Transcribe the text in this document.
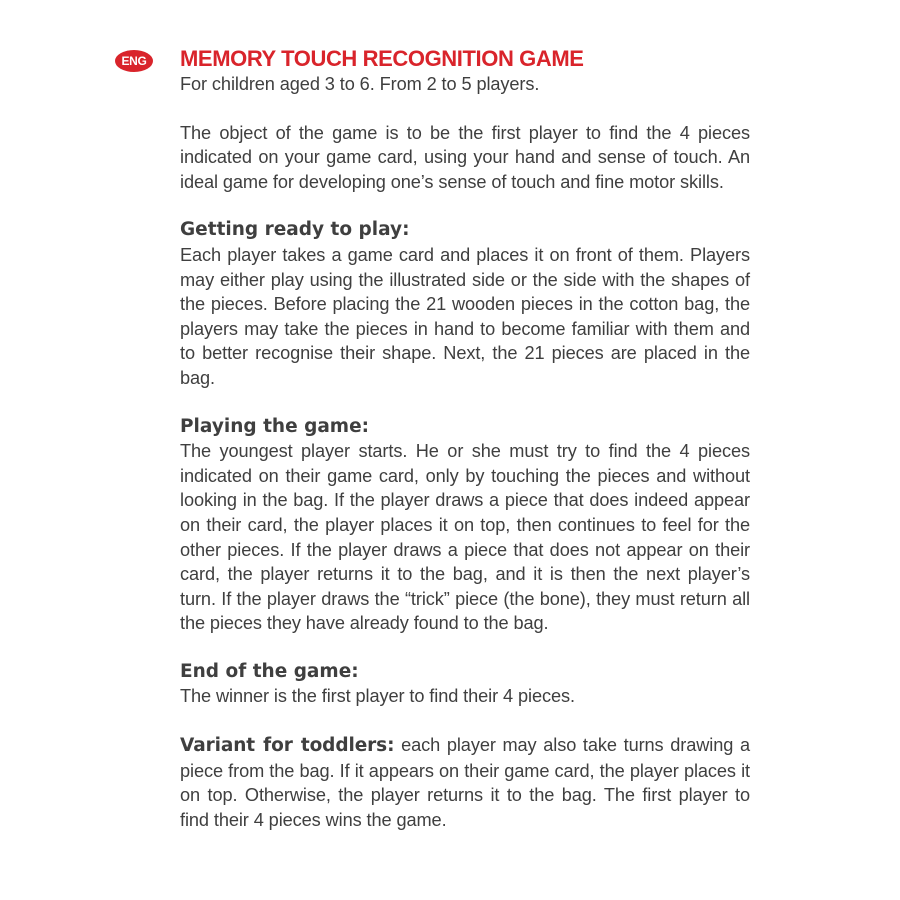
ENG MEMORY TOUCH RECOGNITION GAME

For children aged 3 to 6. From 2 to 5 players.

The object of the game is to be the first player to find the 4 pieces indicated on your game card, using your hand and sense of touch. An ideal game for developing one’s sense of touch and fine motor skills.

Getting ready to play:

Each player takes a game card and places it on front of them. Players may either play using the illustrated side or the side with the shapes of the pieces. Before placing the 21 wooden pieces in the cotton bag, the players may take the pieces in hand to become familiar with them and to better recognise their shape. Next, the 21 pieces are placed in the bag.

Playing the game:

The youngest player starts. He or she must try to find the 4 pieces indicated on their game card, only by touching the pieces and without looking in the bag. If the player draws a piece that does indeed appear on their card, the player places it on top, then continues to feel for the other pieces. If the player draws a piece that does not appear on their card, the player returns it to the bag, and it is then the next player’s turn. If the player draws the “trick” piece (the bone), they must return all the pieces they have already found to the bag.

End of the game:

The winner is the first player to find their 4 pieces.

Variant for toddlers: each player may also take turns drawing a piece from the bag. If it appears on their game card, the player places it on top. Otherwise, the player returns it to the bag. The first player to find their 4 pieces wins the game.
